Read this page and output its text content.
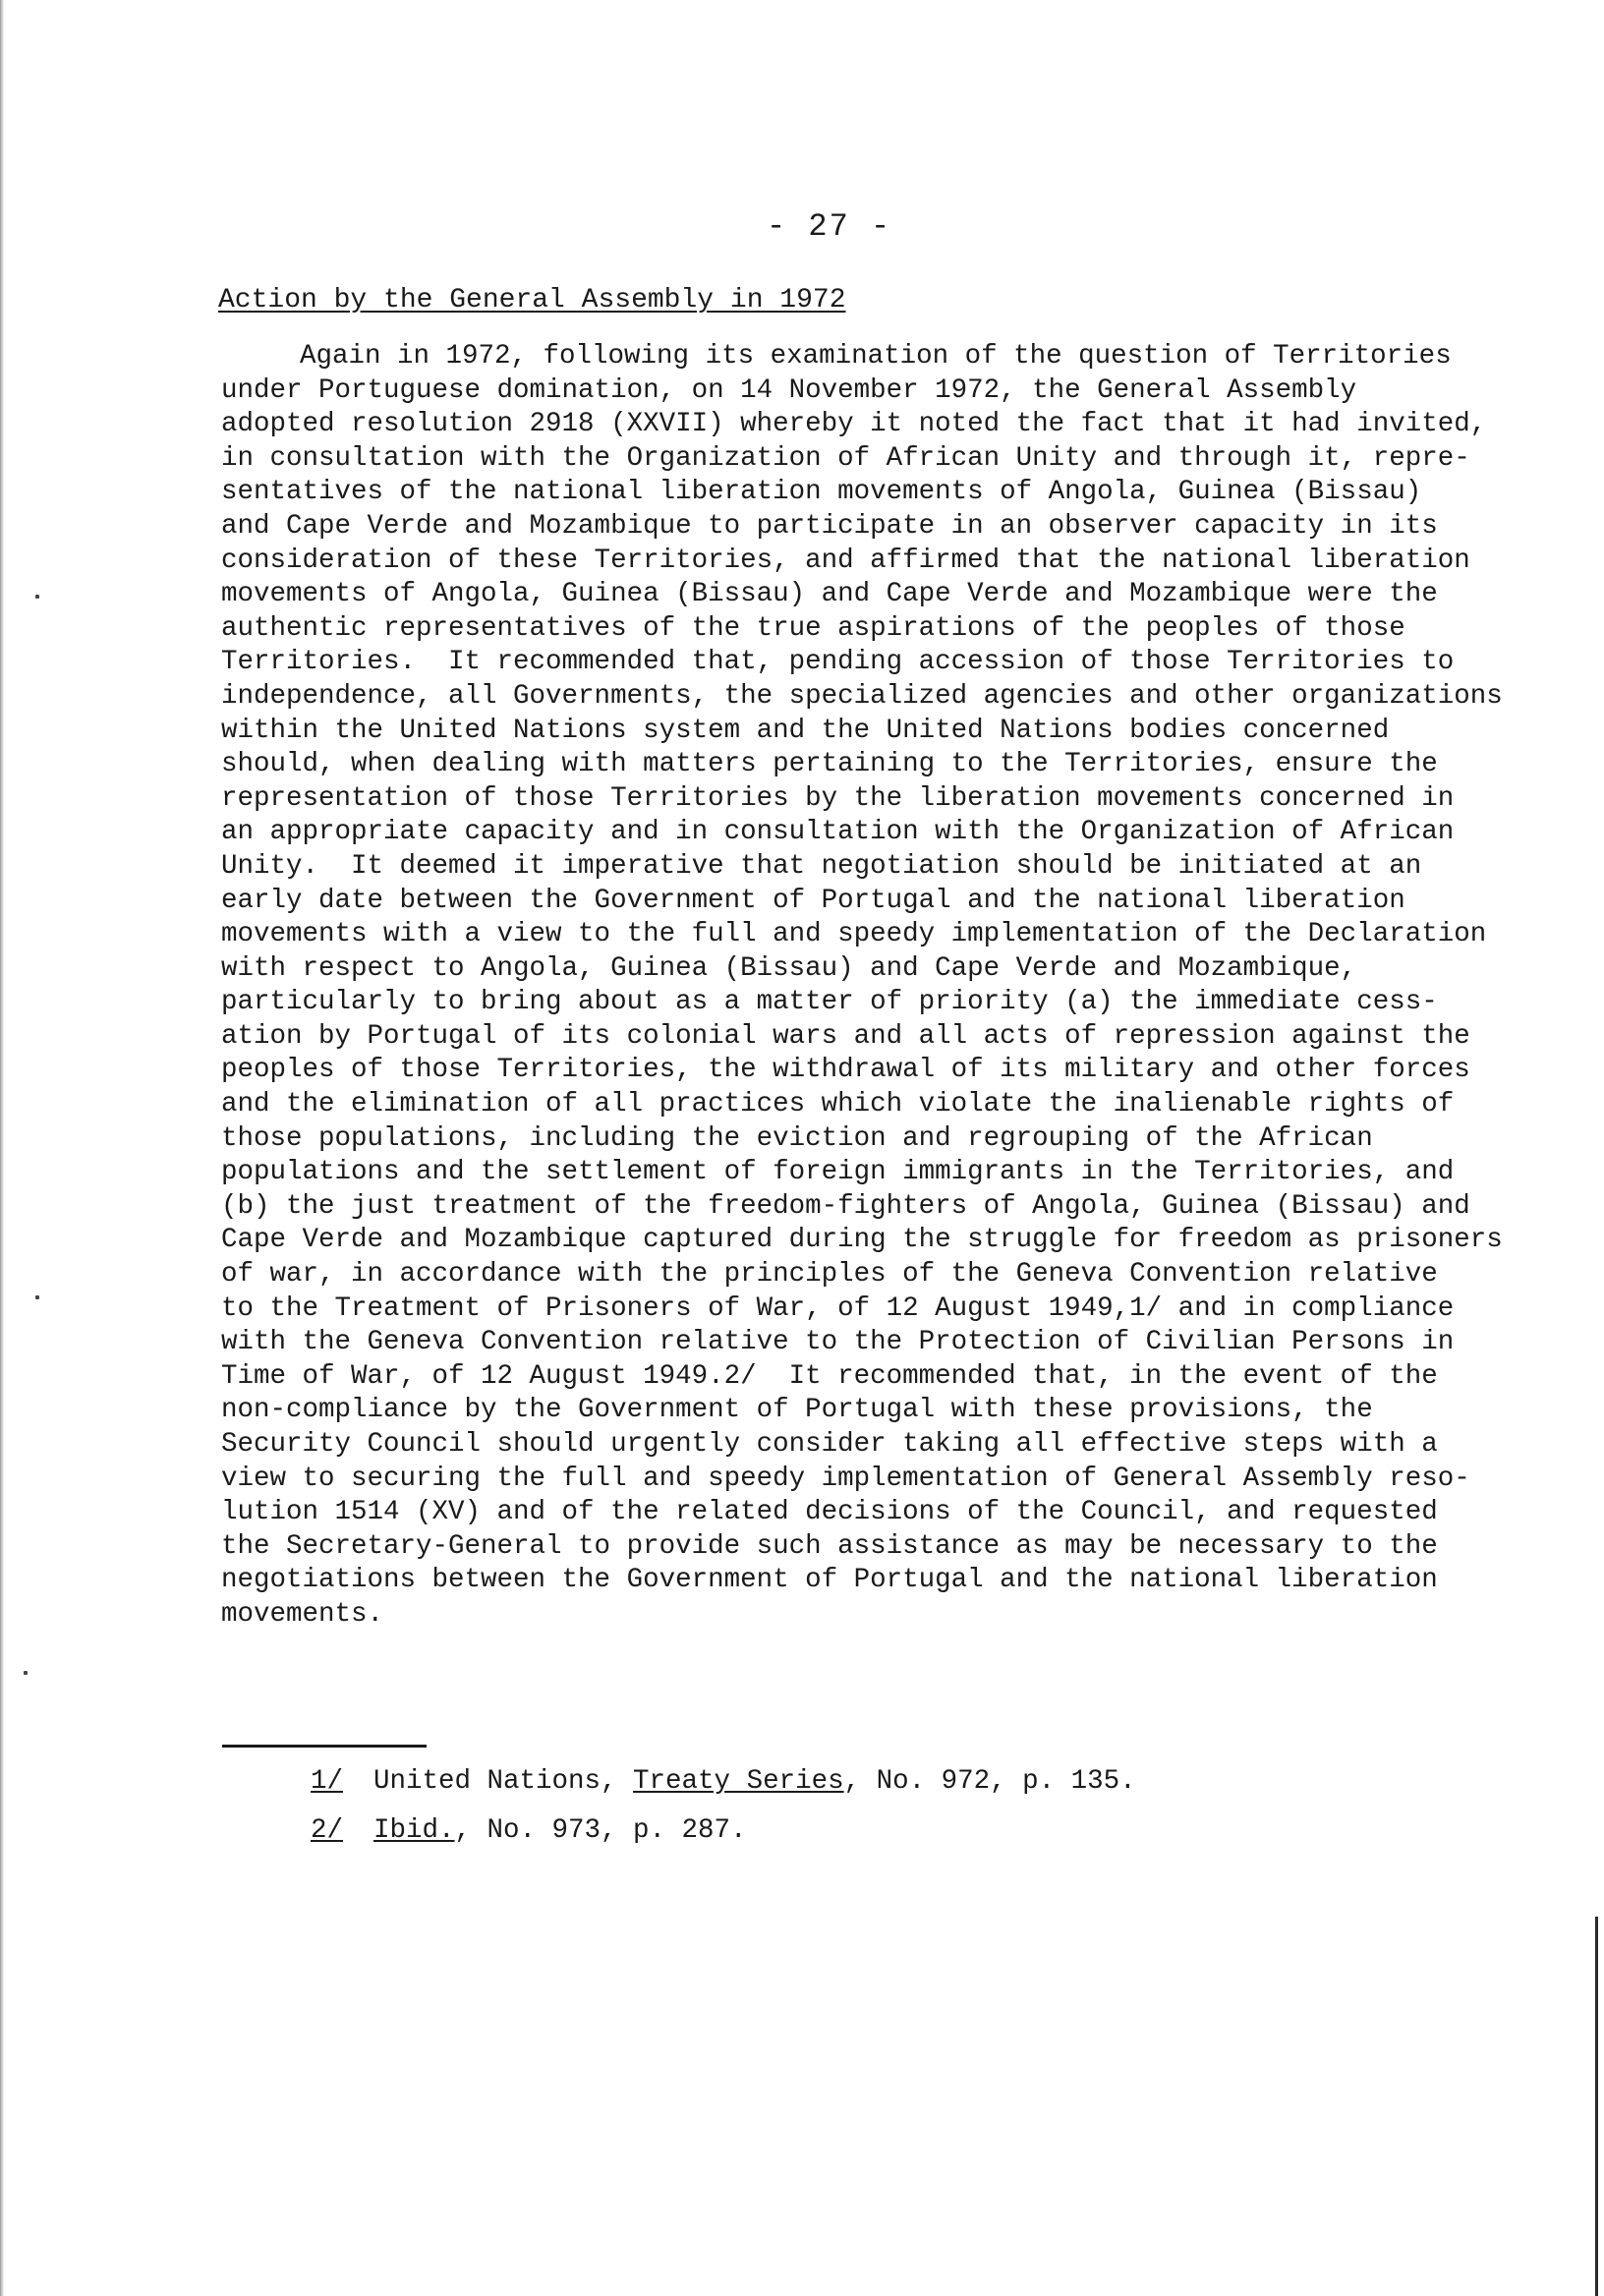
- 27 -
Action by the General Assembly in 1972
Again in 1972, following its examination of the question of Territories
under Portuguese domination, on 14 November 1972, the General Assembly
adopted resolution 2918 (XXVII) whereby it noted the fact that it had invited,
in consultation with the Organization of African Unity and through it, repre-
sentatives of the national liberation movements of Angola, Guinea (Bissau)
and Cape Verde and Mozambique to participate in an observer capacity in its
consideration of these Territories, and affirmed that the national liberation
movements of Angola, Guinea (Bissau) and Cape Verde and Mozambique were the
authentic representatives of the true aspirations of the peoples of those
Territories.  It recommended that, pending accession of those Territories to
independence, all Governments, the specialized agencies and other organizations
within the United Nations system and the United Nations bodies concerned
should, when dealing with matters pertaining to the Territories, ensure the
representation of those Territories by the liberation movements concerned in
an appropriate capacity and in consultation with the Organization of African
Unity.  It deemed it imperative that negotiation should be initiated at an
early date between the Government of Portugal and the national liberation
movements with a view to the full and speedy implementation of the Declaration
with respect to Angola, Guinea (Bissau) and Cape Verde and Mozambique,
particularly to bring about as a matter of priority (a) the immediate cess-
ation by Portugal of its colonial wars and all acts of repression against the
peoples of those Territories, the withdrawal of its military and other forces
and the elimination of all practices which violate the inalienable rights of
those populations, including the eviction and regrouping of the African
populations and the settlement of foreign immigrants in the Territories, and
(b) the just treatment of the freedom-fighters of Angola, Guinea (Bissau) and
Cape Verde and Mozambique captured during the struggle for freedom as prisoners
of war, in accordance with the principles of the Geneva Convention relative
to the Treatment of Prisoners of War, of 12 August 1949,1/ and in compliance
with the Geneva Convention relative to the Protection of Civilian Persons in
Time of War, of 12 August 1949.2/  It recommended that, in the event of the
non-compliance by the Government of Portugal with these provisions, the
Security Council should urgently consider taking all effective steps with a
view to securing the full and speedy implementation of General Assembly reso-
lution 1514 (XV) and of the related decisions of the Council, and requested
the Secretary-General to provide such assistance as may be necessary to the
negotiations between the Government of Portugal and the national liberation
movements.
1/ United Nations, Treaty Series, No. 972, p. 135.
2/ Ibid., No. 973, p. 287.
